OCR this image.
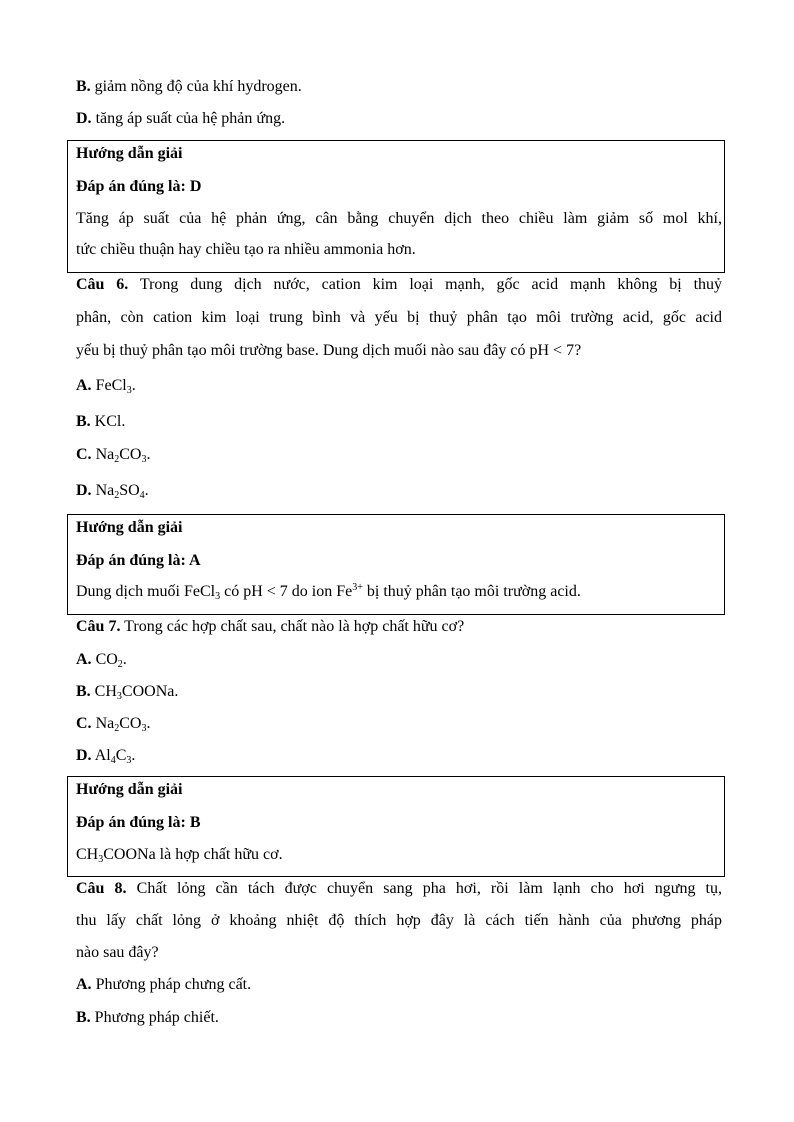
B. giảm nồng độ của khí hydrogen.
D. tăng áp suất của hệ phản ứng.
Hướng dẫn giải
Đáp án đúng là: D
Tăng áp suất của hệ phản ứng, cân bằng chuyển dịch theo chiều làm giảm số mol khí,
tức chiều thuận hay chiều tạo ra nhiều ammonia hơn.
Câu 6. Trong dung dịch nước, cation kim loại mạnh, gốc acid mạnh không bị thuỷ
phân, còn cation kim loại trung bình và yếu bị thuỷ phân tạo môi trường acid, gốc acid
yếu bị thuỷ phân tạo môi trường base. Dung dịch muối nào sau đây có pH < 7?
A. FeCl$_3$.
B. KCl.
C. $Na_2CO_3$.
D. $Na_2SO_4$.
Hướng dẫn giải
Đáp án đúng là: A
Dung dịch muối FeCl$_3$ có pH < 7 do ion $Fe^{3+}$ bị thuỷ phân tạo môi trường acid.
Câu 7. Trong các hợp chất sau, chất nào là hợp chất hữu cơ?
A. $CO_2$.
B. $CH_3COONa$.
C. $Na_2CO_3$.
D. $Al_4C_3$.
Hướng dẫn giải
Đáp án đúng là: B
$CH_3COONa$ là hợp chất hữu cơ.
Câu 8. Chất lỏng cần tách được chuyển sang pha hơi, rồi làm lạnh cho hơi ngưng tụ,
thu lấy chất lỏng ở khoảng nhiệt độ thích hợp đây là cách tiến hành của phương pháp
nào sau đây?
A. Phương pháp chưng cất.
B. Phương pháp chiết.
